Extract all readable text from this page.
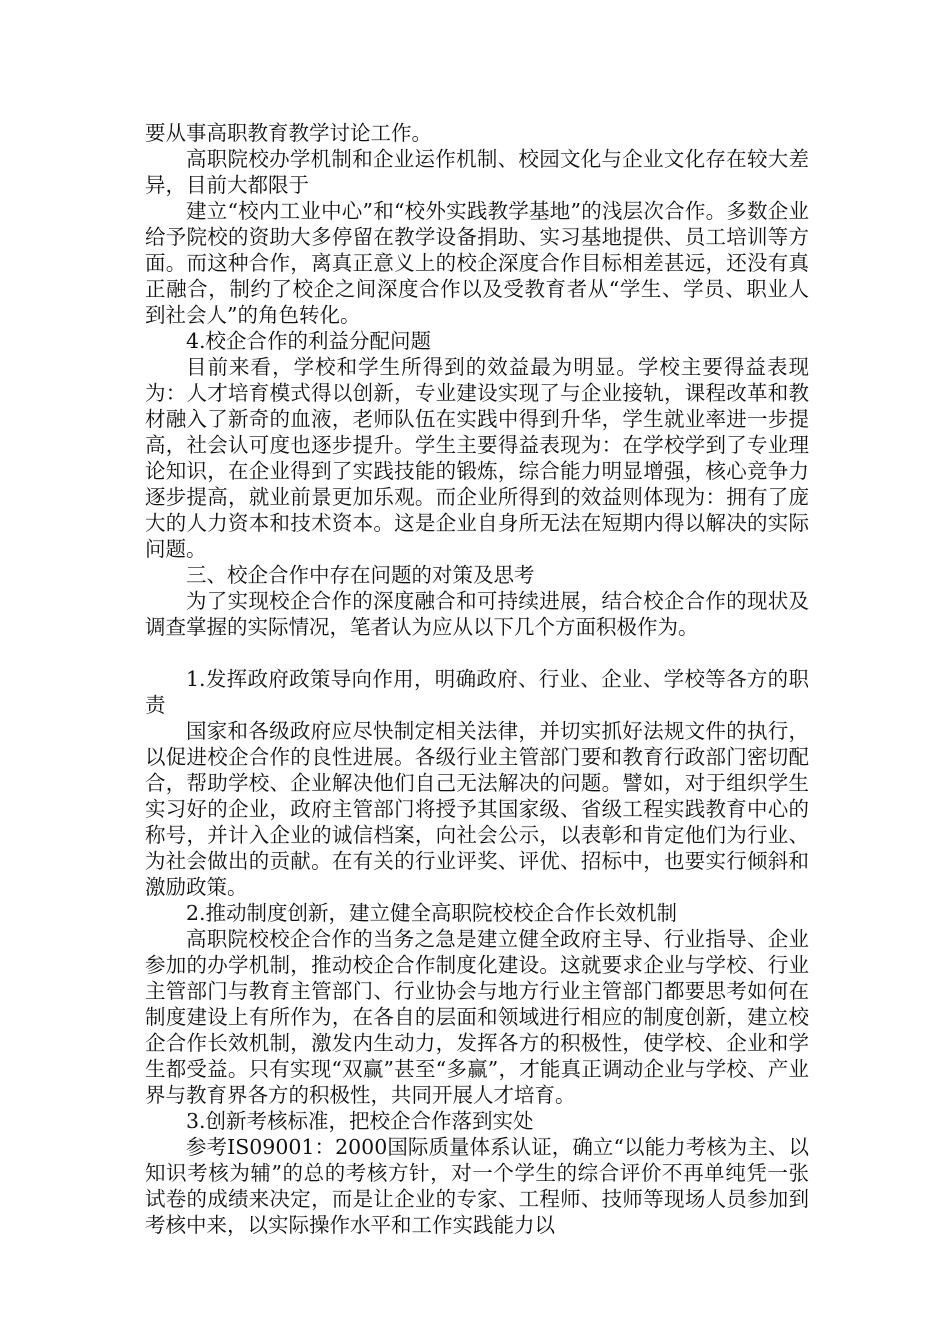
要从事高职教育教学讨论工作。

高职院校办学机制和企业运作机制、校园文化与企业文化存在较大差异，目前大都限于

建立“校内工业中心”和“校外实践教学基地”的浅层次合作。多数企业给予院校的资助大多停留在教学设备捐助、实习基地提供、员工培训等方面。而这种合作，离真正意义上的校企深度合作目标相差甚远，还没有真正融合，制约了校企之间深度合作以及受教育者从“学生、学员、职业人到社会人”的角色转化。

4.校企合作的利益分配问题

目前来看，学校和学生所得到的效益最为明显。学校主要得益表现为：人才培育模式得以创新，专业建设实现了与企业接轨，课程改革和教材融入了新奇的血液，老师队伍在实践中得到升华，学生就业率进一步提高，社会认可度也逐步提升。学生主要得益表现为：在学校学到了专业理论知识，在企业得到了实践技能的锻炼，综合能力明显增强，核心竞争力逐步提高，就业前景更加乐观。而企业所得到的效益则体现为：拥有了庞大的人力资本和技术资本。这是企业自身所无法在短期内得以解决的实际问题。

三、校企合作中存在问题的对策及思考

为了实现校企合作的深度融合和可持续进展，结合校企合作的现状及调查掌握的实际情况，笔者认为应从以下几个方面积极作为。

1.发挥政府政策导向作用，明确政府、行业、企业、学校等各方的职责

国家和各级政府应尽快制定相关法律，并切实抓好法规文件的执行，以促进校企合作的良性进展。各级行业主管部门要和教育行政部门密切配合，帮助学校、企业解决他们自己无法解决的问题。譬如，对于组织学生实习好的企业，政府主管部门将授予其国家级、省级工程实践教育中心的称号，并计入企业的诚信档案，向社会公示，以表彰和肯定他们为行业、为社会做出的贡献。在有关的行业评奖、评优、招标中，也要实行倾斜和激励政策。

2.推动制度创新，建立健全高职院校校企合作长效机制

高职院校校企合作的当务之急是建立健全政府主导、行业指导、企业参加的办学机制，推动校企合作制度化建设。这就要求企业与学校、行业主管部门与教育主管部门、行业协会与地方行业主管部门都要思考如何在制度建设上有所作为，在各自的层面和领域进行相应的制度创新，建立校企合作长效机制，激发内生动力，发挥各方的积极性，使学校、企业和学生都受益。只有实现“双赢”甚至“多赢”，才能真正调动企业与学校、产业界与教育界各方的积极性，共同开展人才培育。

3.创新考核标准，把校企合作落到实处

参考IS09001：2000国际质量体系认证，确立“以能力考核为主、以知识考核为辅”的总的考核方针，对一个学生的综合评价不再单纯凭一张试卷的成绩来决定，而是让企业的专家、工程师、技师等现场人员参加到考核中来，以实际操作水平和工作实践能力以
